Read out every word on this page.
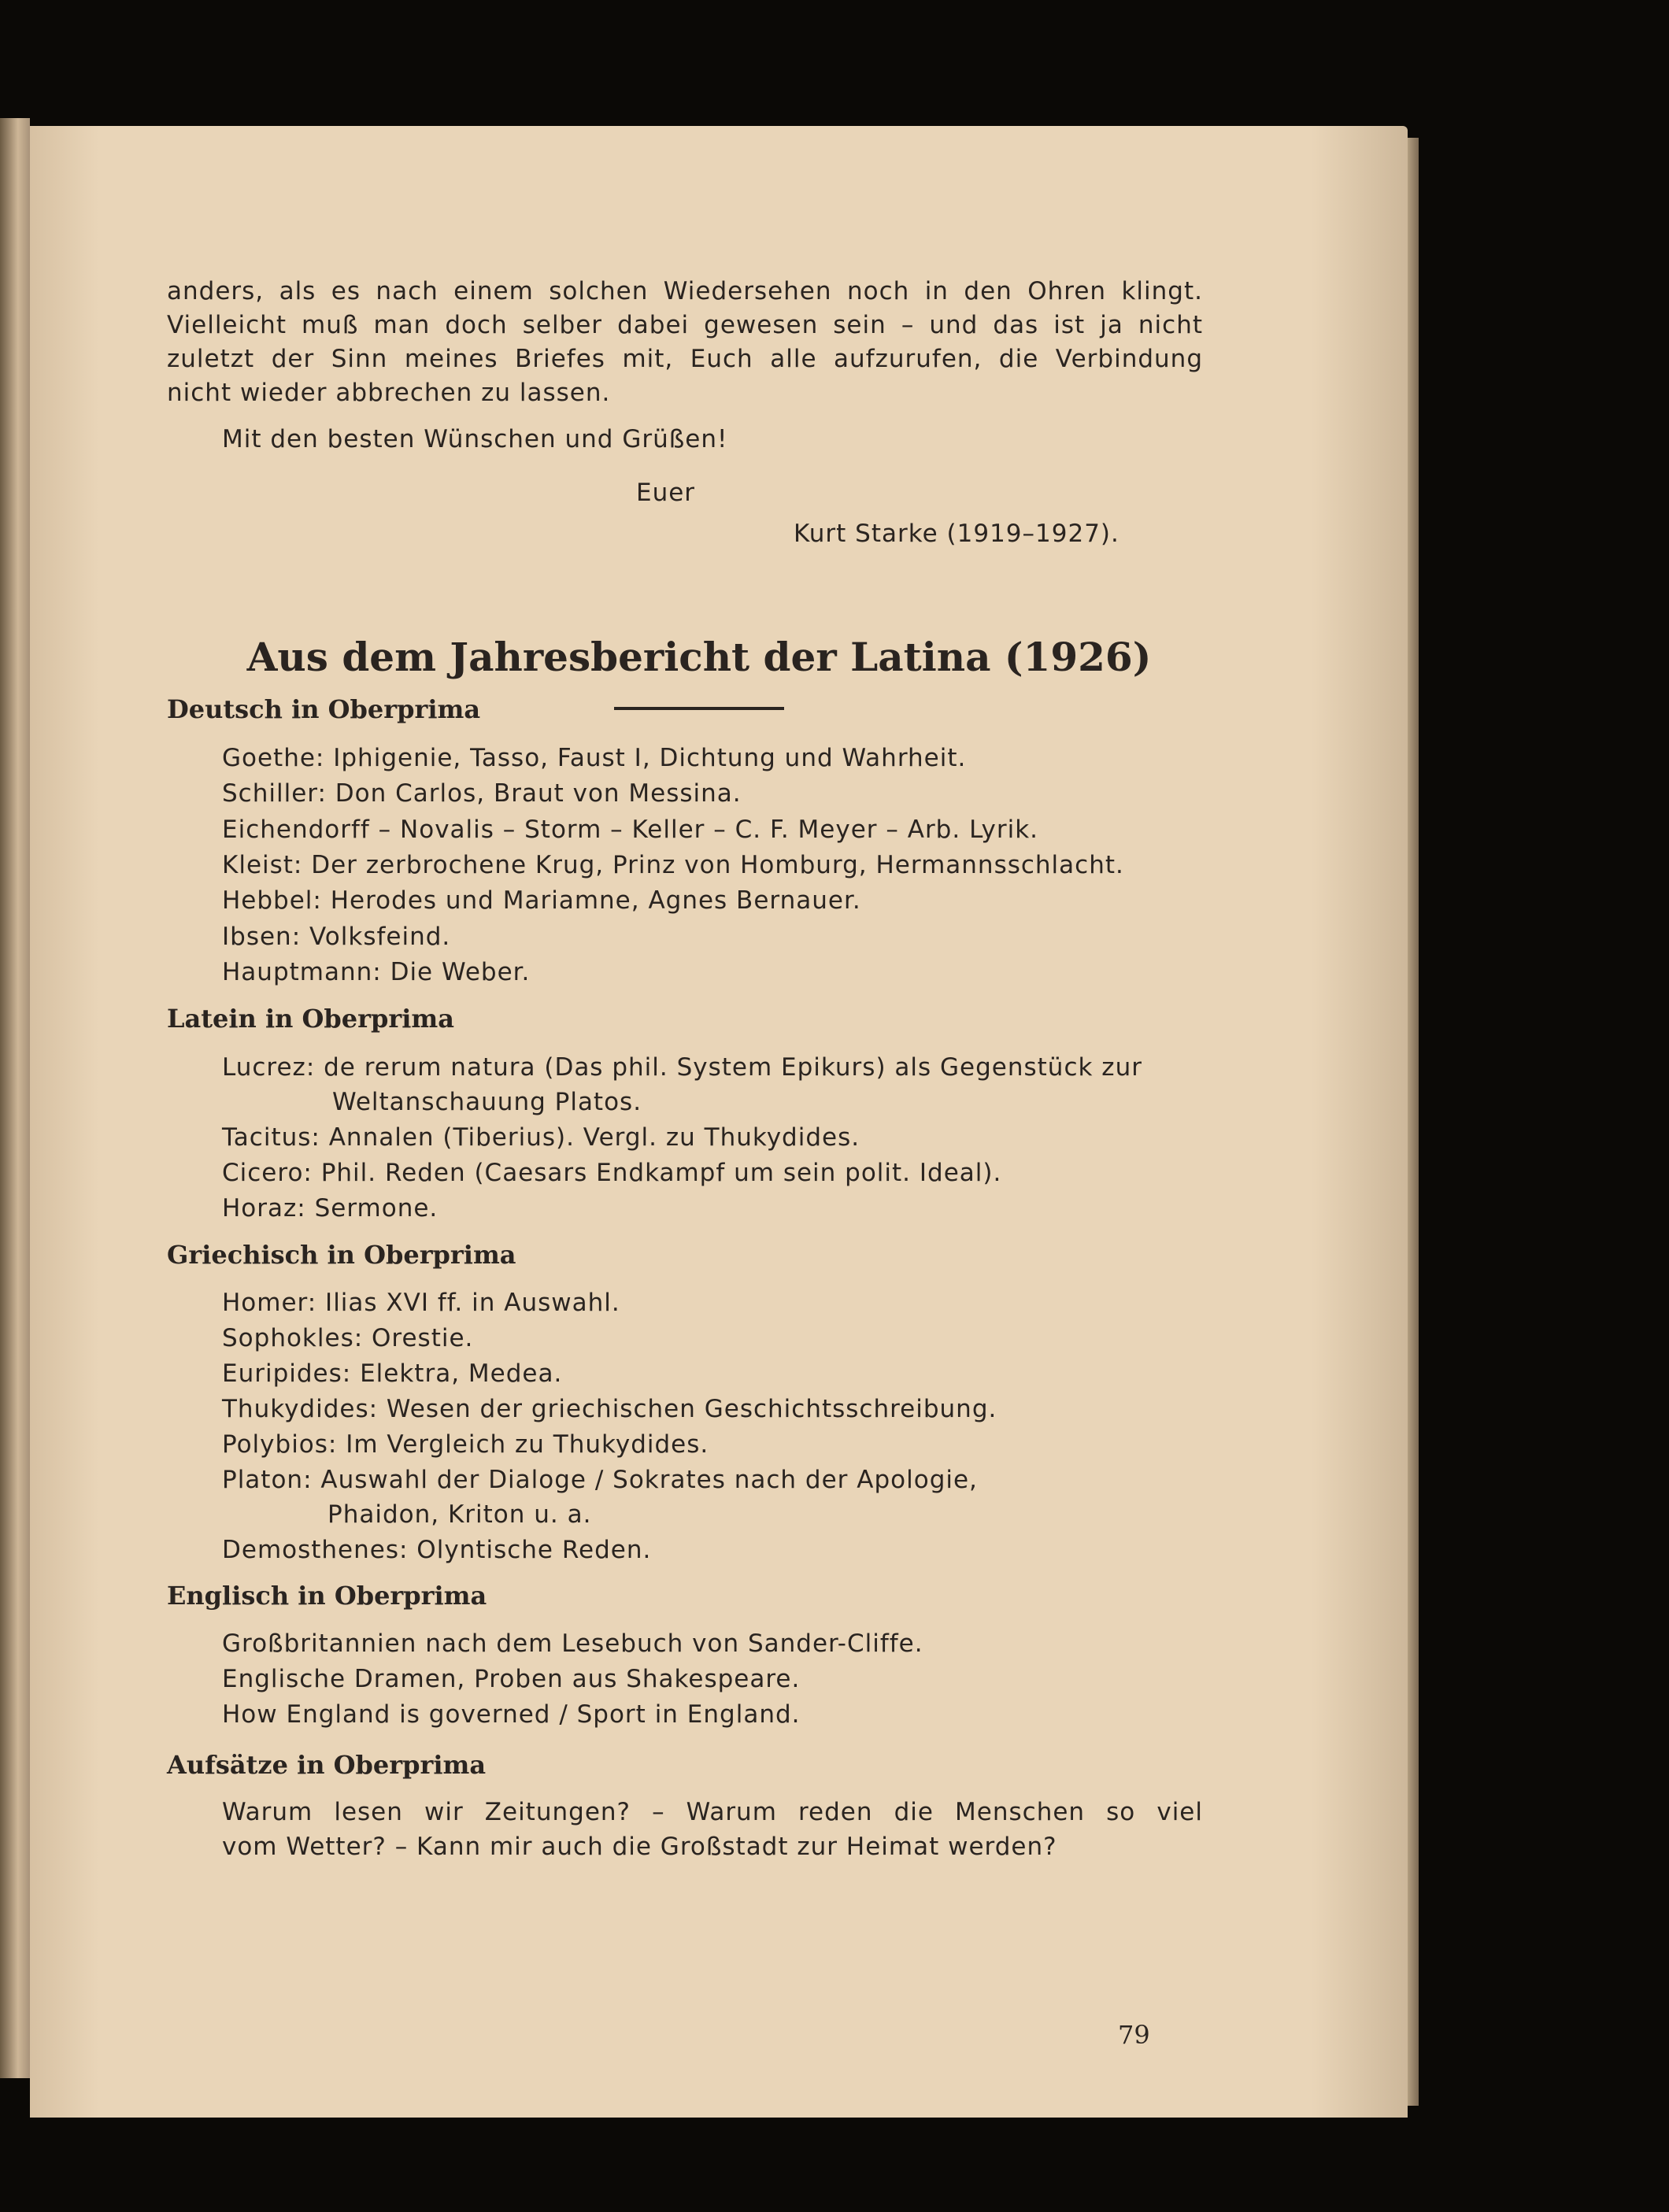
anders, als es nach einem solchen Wiedersehen noch in den Ohren klingt.
Vielleicht muß man doch selber dabei gewesen sein – und das ist ja nicht
zuletzt der Sinn meines Briefes mit, Euch alle aufzurufen, die Verbindung
nicht wieder abbrechen zu lassen.
Mit den besten Wünschen und Grüßen!
Euer
Kurt Starke (1919–1927).
Aus dem Jahresbericht der Latina (1926)
Deutsch in Oberprima
Goethe: Iphigenie, Tasso, Faust I, Dichtung und Wahrheit.
Schiller: Don Carlos, Braut von Messina.
Eichendorff – Novalis – Storm – Keller – C. F. Meyer – Arb. Lyrik.
Kleist: Der zerbrochene Krug, Prinz von Homburg, Hermannsschlacht.
Hebbel: Herodes und Mariamne, Agnes Bernauer.
Ibsen: Volksfeind.
Hauptmann: Die Weber.
Latein in Oberprima
Lucrez: de rerum natura (Das phil. System Epikurs) als Gegenstück zur
Weltanschauung Platos.
Tacitus: Annalen (Tiberius). Vergl. zu Thukydides.
Cicero: Phil. Reden (Caesars Endkampf um sein polit. Ideal).
Horaz: Sermone.
Griechisch in Oberprima
Homer: Ilias XVI ff. in Auswahl.
Sophokles: Orestie.
Euripides: Elektra, Medea.
Thukydides: Wesen der griechischen Geschichtsschreibung.
Polybios: Im Vergleich zu Thukydides.
Platon: Auswahl der Dialoge / Sokrates nach der Apologie,
Phaidon, Kriton u. a.
Demosthenes: Olyntische Reden.
Englisch in Oberprima
Großbritannien nach dem Lesebuch von Sander-Cliffe.
Englische Dramen, Proben aus Shakespeare.
How England is governed / Sport in England.
Aufsätze in Oberprima
Warum lesen wir Zeitungen? – Warum reden die Menschen so viel
vom Wetter? – Kann mir auch die Großstadt zur Heimat werden?
79
